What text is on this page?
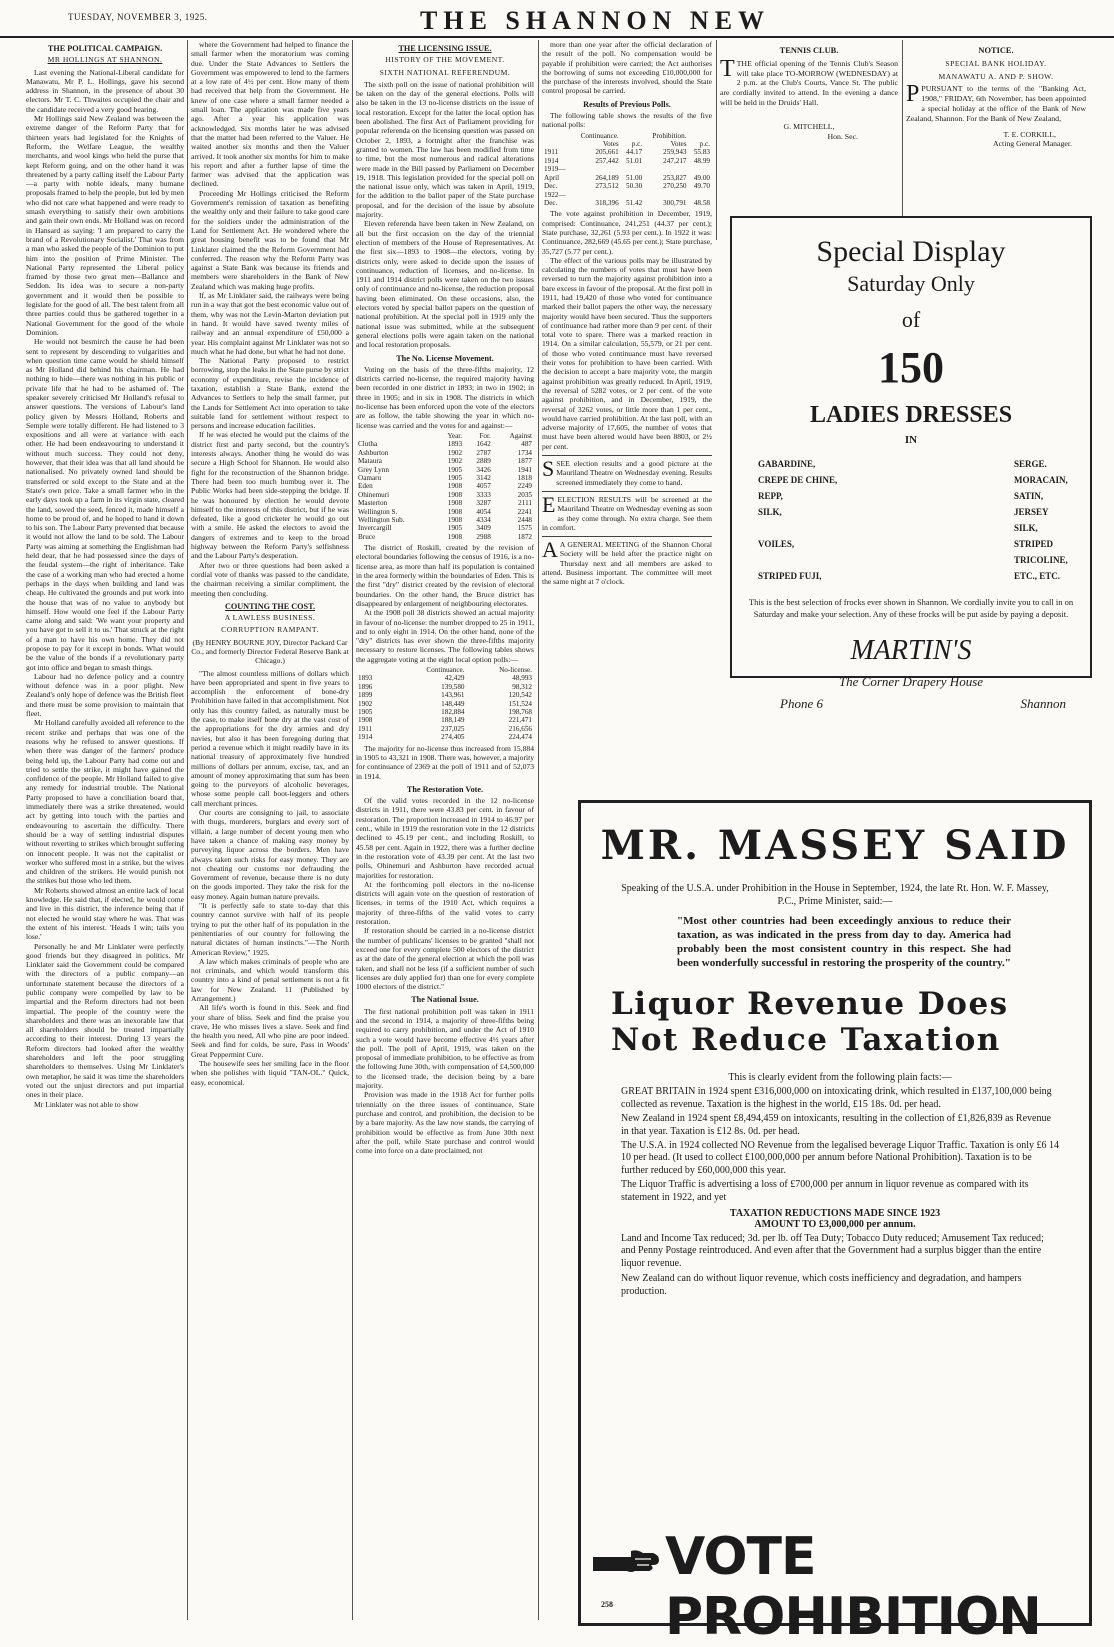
TUESDAY, NOVEMBER 3, 1925.	THE SHANNON NEW
THE POLITICAL CAMPAIGN.
MR HOLLINGS AT SHANNON.

Last evening the National-Liberal candidate for Manawatu, Mr P. L. Hollings, gave his second address in Shannon, in the presence of about 30 electors. Mr T. C. Thwaites occupied the chair and the candidate received a very good hearing.

Mr Hollings said New Zealand was between the extreme danger of the Reform Party that for thirteen years had legislated for the Knights of Reform, the Welfare League, the wealthy merchants, and wool kings who held the purse that kept Reform going, and on the other hand it was threatened by a party calling itself the Labour Party—a party with noble ideals, many humane proposals framed to help the people, but led by men who did not care what happened and were ready to smash everything to satisfy their own ambitions and gain their own ends. Mr Holland was on record in Hansard as saying: 'I am prepared to carry the brand of a Revolutionary Socialist.' That was from a man who asked the people of the Dominion to put him into the position of Prime Minister. The National Party represented the Liberal policy framed by those two great men—Ballance and Seddon. Its idea was to secure a non-party government and it would then be possible to legislate for the good of all. The best talent from all three parties could thus be gathered together in a National Government for the good of the whole Dominion.

He would not besmirch the cause he had been sent to represent by descending to vulgarities and when question time came would he shield himself as Mr Holland did behind his chairman. He had nothing to hide—there was nothing in his public or private life that he had to be ashamed of. The speaker severely criticised Mr Holland's refusal to answer questions. The versions of Labour's land policy given by Messrs Holland, Roberts and Semple were totally different. He had listened to 3 expositions and all were at variance with each other. He had been endeavouring to understand it without much success. They could not deny, however, that their idea was that all land should be nationalised. No privately owned land should be transferred or sold except to the State and at the State's own price. Take a small farmer who in the early days took up a farm in its virgin state, cleared the land, sowed the seed, fenced it, made himself a home to be proud of, and he hoped to hand it down to his son. The Labour Party prevented that because it would not allow the land to be sold. The Labour Party was aiming at something the Englishman had held dear, that he had possessed since the days of the feudal system—the right of inheritance. Take the case of a working man who had erected a home perhaps in the days when building and land was cheap. He cultivated the grounds and put work into the house that was of no value to anybody but himself. How would one feel if the Labour Party came along and said: 'We want your property and you have got to sell it to us.' That struck at the right of a man to have his own home. They did not propose to pay for it except in bonds. What would be the value of the bonds if a revolutionary party got into office and began to smash things.

Labour had no defence policy and a country without defence was in a poor plight. New Zealand's only hope of defence was the British fleet and there must be some provision to maintain that fleet.

Mr Holland carefully avoided all reference to the recent strike and perhaps that was one of the reasons why he refused to answer questions. If when there was danger of the farmers' produce being held up, the Labour Party had come out and tried to settle the strike, it might have gained the confidence of the people. Mr Holland failed to give any remedy for industrial trouble. The National Party proposed to have a conciliation board that, immediately there was a strike threatened, would act by getting into touch with the parties and endeavouring to ascertain the difficulty. There should be a way of settling industrial disputes without reverting to strikes which brought suffering on innocent people. It was not the capitalist or worker who suffered most in a strike, but the wives and children of the strikers. He would punish not the strikes but those who led them.

Mr Roberts showed almost an entire lack of local knowledge. He said that, if elected, he would come and live in this district, the inference being that if not elected he would stay where he was. That was the extent of his interest. 'Heads I win; tails you lose.'

Personally he and Mr Linklater were perfectly good friends but they disagreed in politics. Mr Linklater said the Government could be compared with the directors of a public company—an unfortunate statement because the directors of a public company were compelled by law to be impartial and the Reform directors had not been impartial. The people of the country were the shareholders and there was an inexorable law that all shareholders should be treated impartially according to their interest. During 13 years the Reform directors had looked after the wealthy shareholders and left the poor struggling shareholders to themselves. Using Mr Linklater's own metaphor, he said it was time the shareholders voted out the unjust directors and put impartial ones in their place.

Mr Linklater was not able to show

where the Government had helped to finance the small farmer when the moratorium was coming due. Under the State Advances to Settlers the Government was empowered to lend to the farmers at a low rate of 4½ per cent. How many of them had received that help from the Government. He knew of one case where a small farmer needed a small loan. The application was made five years ago. After a year his application was acknowledged. Six months later he was advised that the matter had been referred to the Valuer. He waited another six months and then the Valuer arrived. It took another six months for him to make his report and after a further lapse of time the farmer was advised that the application was declined.

Proceeding Mr Hollings criticised the Reform Government's remission of taxation as benefiting the wealthy only and their failure to take good care for the soldiers under the administration of the Land for Settlement Act. He wondered where the great housing benefit was to be found that Mr Linklater claimed the the Reform Government had conferred. The reason why the Reform Party was against a State Bank was because its friends and members were shareholders in the Bank of New Zealand which was making huge profits.

If, as Mr Linklater said, the railways were being run in a way that got the best economic value out of them, why was not the Levin-Marton deviation put in hand. It would have saved twenty miles of railway and an annual expenditure of £50,000 a year. His complaint against Mr Linklater was not so much what he had done, but what he had not done.

The National Party proposed to restrict borrowing, stop the leaks in the State purse by strict economy of expenditure, revise the incidence of taxation, establish a State Bank, extend the Advances to Settlers to help the small farmer, put the Lands for Settlement Act into operation to take suitable land for settlement without respect to persons and increase education facilities.

If he was elected he would put the claims of the district first and party second, but the country's interests always. Another thing he would do was secure a High School for Shannon. He would also fight for the reconstruction of the Shannon bridge. There had been too much humbug over it. The Public Works had been side-stepping the bridge. If he was honoured by election he would devote himself to the interests of this district, but if he was defeated, like a good cricketer he would go out with a smile. He asked the electors to avoid the dangers of extremes and to keep to the broad highway between the Reform Party's selfishness and the Labour Party's desperation.

After two or three questions had been asked a cordial vote of thanks was passed to the candidate, the chairman receiving a similar compliment, the meeting then concluding.

COUNTING THE COST.
A LAWLESS BUSINESS.
CORRUPTION RAMPANT.
(By HENRY BOURNE JOY, Director Packard Car Co., and formerly Director Federal Reserve Bank at Chicago.)

"The almost countless millions of dollars which have been appropriated and spent in five years to accomplish the enforcement of bone-dry Prohibition have failed in that accomplishment. Not only has this country failed, as naturally must be the case, to make itself bone dry at the vast cost of the appropriations for the dry armies and dry navies, but also it has been foregoing during that period a revenue which it might readily have in its national treasury of approximately five hundred millions of dollars per annum, excise, tax, and an amount of money approximating that sum has been going to the purveyors of alcoholic beverages, whose some people call boot-leggers and others call merchant princes.

Our courts are consigning to jail, to associate with thugs, murderers, burglars and every sort of villain, a large number of decent young men who have taken a chance of making easy money by purveying liquor across the borders. Men have always taken such risks for easy money. They are not cheating our customs nor defrauding the Government of revenue, because there is no duty on the goods imported. They take the risk for the easy money. Again human nature prevails.

"It is perfectly safe to state to-day that this country cannot survive with half of its people trying to put the other half of its population in the penitentiaries of our country for following the natural dictates of human instincts."—The North American Review," 1925.

A law which makes criminals of people who are not criminals, and which would transform this country into a kind of penal settlement is not a fit law for New Zealand. 11 (Published by Arrangement.)

All life's worth is found in this. Seek and find your share of bliss. Seek and find the praise you crave, He who misses lives a slave. Seek and find the health you need, All who pine are poor indeed. Seek and find for colds, be sure, Pass in Woods' Great Peppermint Cure.

The housewife sees her smiling face in the floor when she polishes with liquid "TAN-OL." Quick, easy, economical.

THE LICENSING ISSUE.
HISTORY OF THE MOVEMENT.
SIXTH NATIONAL REFERENDUM.

The sixth poll on the issue of national prohibition will be taken on the day of the general elections. Polls will also be taken in the 13 no-license districts on the issue of local restoration. Except for the latter the local option has been abolished. The first Act of Parliament providing for popular referenda on the licensing question was passed on October 2, 1893, a fortnight after the franchise was granted to women. The law has been modified from time to time, but the most numerous and radical alterations were made in the Bill passed by Parliament on December 19, 1918. This legislation provided for the special poll on the national issue only, which was taken in April, 1919, for the addition to the ballot paper of the State purchase proposal, and for the decision of the issue by absolute majority.

Eleven referenda have been taken in New Zealand, on all but the first occasion on the day of the triennial election of members of the House of Representatives. At the first six—1893 to 1908—the electors, voting by districts only, were asked to decide upon the issues of continuance, reduction of licenses, and no-license. In 1911 and 1914 district polls were taken on the two issues only of continuance and no-license, the reduction proposal having been eliminated. On these occasions, also, the electors voted by special ballot papers on the question of national prohibition. At the special poll in 1919 only the national issue was submitted, while at the subsequent general elections polls were again taken on the national and local restoration proposals.

The No. License Movement.

Voting on the basis of the three-fifths majority, 12 districts carried no-license, the required majority having been recorded in one district in 1893; in two in 1902; in three in 1905; and in six in 1908. The districts in which no-license has been enforced upon the vote of the electors are as follow, the table showing the year in which no-license was carried and the votes for and against:—

	Year.	For.	Against
Clutha	1893	1642	487
Ashburton	1902	2787	1734
Mataura	1902	2889	1877
Grey Lynn	1905	3426	1941
Oamaru	1905	3142	1818
Eden	1908	4057	2249
Ohinemuri	1908	3333	2035
Masterton	1908	3287	2111
Wellington S.	1908	4054	2241
Wellington Sub.	1908	4334	2448
Invercargill	1905	3409	1575
Bruce	1908	2988	1872

The district of Roskill, created by the revision of electoral boundaries following the census of 1916, is a no-license area, as more than half its population is contained in the area formerly within the boundaries of Eden. This is the first "dry" district created by the revision of electoral boundaries. On the other hand, the Bruce district has disappeared by enlargement of neighbouring electorates.

At the 1908 poll 38 districts showed an actual majority in favour of no-license: the number dropped to 25 in 1911, and to only eight in 1914. On the other hand, none of the "dry" districts has ever shown the three-fifths majority necessary to restore licenses. The following tables shows the aggregate voting at the eight local option polls:—

	Continuance.	No-license.
1893	42,429	48,993
1896	139,580	98,312
1899	143,961	120,542
1902	148,449	151,524
1905	182,884	198,768
1908	188,149	221,471
1911	237,025	216,656
1914	274,405	224,474

The majority for no-license thus increased from 15,884 in 1905 to 43,321 in 1908. There was, however, a majority for continuance of 2369 at the poll of 1911 and of 52,073 in 1914.

The Restoration Vote.

Of the valid votes recorded in the 12 no-license districts in 1911, there were 43.83 per cent. in favour of restoration. The proportion increased in 1914 to 46.97 per cent., while in 1919 the restoration vote in the 12 districts declined to 45.19 per cent., and including Roskill, to 45.58 per cent. Again in 1922, there was a further decline in the restoration vote of 43.39 per cent. At the last two polls, Ohinemuri and Ashburton have recorded actual majorities for restoration.

At the forthcoming poll electors in the no-license districts will again vote on the question of restoration of licenses, in terms of the 1910 Act, which requires a majority of three-fifths of the valid votes to carry restoration.

If restoration should be carried in a no-license district the number of publicans' licenses to be granted "shall not exceed one for every complete 500 electors of the district as at the date of the general election at which the poll was taken, and shall not be less (if a sufficient number of such licenses are duly applied for) than one for every complete 1000 electors of the district."

The National Issue.

The first national prohibition poll was taken in 1911 and the second in 1914, a majority of three-fifths being required to carry prohibition, and under the Act of 1910 such a vote would have become effective 4½ years after the poll. The poll of April, 1919, was taken on the proposal of immediate prohibition, to be effective as from the following June 30th, with compensation of £4,500,000 to the licensed trade, the decision being by a bare majority.

Provision was made in the 1918 Act for further polls triennially on the three issues of continuance, State purchase and control, and prohibition, the decision to be by a bare majority. As the law now stands, the carrying of prohibition would be effective as from June 30th next after the poll, while State purchase and control would come into force on a date proclaimed, not

more than one year after the official declaration of the result of the poll. No compensation would be payable if prohibition were carried; the Act authorises the borrowing of sums not exceeding £10,000,000 for the purchase of the interests involved, should the State control proposal be carried.

Results of Previous Polls.

The following table shows the results of the five national polls:

	Continuance.		Prohibition.	
	Votes	p.c.	Votes	p.c.
1911	205,661	44.17	259,943	55.83
1914	257,442	51.01	247,217	48.99
1919—				
April	264,189	51.00	253,827	49.00
Dec.	273,512	50.30	270,250	49.70
1922—				
Dec.	318,396	51.42	300,791	48.58

The vote against prohibition in December, 1919, comprised: Continuance, 241,251 (44.37 per cent.); State purchase, 32,261 (5.93 per cent.). In 1922 it was: Continuance, 282,669 (45.65 per cent.); State purchase, 35,727 (5.77 per cent.).

The effect of the various polls may be illustrated by calculating the numbers of votes that must have been reversed to turn the majority against prohibition into a bare excess in favour of the proposal. At the first poll in 1911, had 19,420 of those who voted for continuance marked their ballot papers the other way, the necessary majority would have been secured. Thus the supporters of continuance had rather more than 9 per cent. of their total vote to spare. There was a marked reaction in 1914. On a similar calculation, 55,579, or 21 per cent. of those who voted continuance must have reversed their votes for prohibition to have been carried. With the decision to accept a bare majority vote, the margin against prohibition was greatly reduced. In April, 1919, the reversal of 5282 votes, or 2 per cent. of the vote against prohibition, and in December, 1919, the reversal of 3262 votes, or little more than 1 per cent., would have carried prohibition. At the last poll, with an adverse majority of 17,605, the number of votes that must have been altered would have been 8803, or 2½ per cent.

SSEE election results and a good picture at the Mauriland Theatre on Wednesday evening. Results screened immediately they come to hand.

EELECTION RESULTS will be screened at the Mauriland Theatre on Wednesday evening as soon as they come through. No extra charge. See them in comfort.

A A GENERAL MEETING of the Shannon Choral Society will be held after the practice night on Thursday next and all members are asked to attend. Business important. The committee will meet the same night at 7 o'clock.

TENNIS CLUB.

TTHE official opening of the Tennis Club's Season will take place TO-MORROW (WEDNESDAY) at 2 p.m. at the Club's Courts, Vance St. The public are cordially invited to attend. In the evening a dance will be held in the Druids' Hall.

G. MITCHELL,
Hon. Sec.
NOTICE.
SPECIAL BANK HOLIDAY.
MANAWATU A. AND P. SHOW.

PPURSUANT to the terms of the "Banking Act, 1908," FRIDAY, 6th November, has been appointed a special holiday at the office of the Bank of New Zealand, Shannon. For the Bank of New Zealand,

T. E. CORKILL,
Acting General Manager.
Special Display
Saturday Only
of
150
LADIES DRESSES
IN
GABARDINE,	SERGE.
CREPE DE CHINE,	MORACAIN,
REPP,	SATIN,
SILK,	JERSEY SILK,
VOILES,	STRIPED TRICOLINE,
STRIPED FUJI,	ETC., ETC.
This is the best selection of frocks ever shown in Shannon. We cordially invite you to call in on Saturday and make your selection. Any of these frocks will be put aside by paying a deposit.
MARTIN'S
The Corner Drapery House
Phone 6	Shannon
MR. MASSEY SAID
Speaking of the U.S.A. under Prohibition in the House in September, 1924, the late Rt. Hon. W. F. Massey, P.C., Prime Minister, said:—
"Most other countries had been exceedingly anxious to reduce their taxation, as was indicated in the press from day to day. America had probably been the most consistent country in this respect. She had been wonderfully successful in restoring the prosperity of the country."
Liquor Revenue Does
Not Reduce Taxation

This is clearly evident from the following plain facts:—

GREAT BRITAIN in 1924 spent £316,000,000 on intoxicating drink, which resulted in £137,100,000 being collected as revenue. Taxation is the highest in the world, £15 18s. 0d. per head.

New Zealand in 1924 spent £8,494,459 on intoxicants, resulting in the collection of £1,826,839 as Revenue in that year. Taxation is £12 8s. 0d. per head.

The U.S.A. in 1924 collected NO Revenue from the legalised beverage Liquor Traffic. Taxation is only £6 14 10 per head. (It used to collect £100,000,000 per annum before National Prohibition). Taxation is to be further reduced by £60,000,000 this year.

The Liquor Traffic is advertising a loss of £700,000 per annum in liquor revenue as compared with its statement in 1922, and yet

TAXATION REDUCTIONS MADE SINCE 1923
AMOUNT TO £3,000,000 per annum.
Land and Income Tax reduced; 3d. per lb. off Tea Duty; Tobacco Duty reduced; Amusement Tax reduced; and Penny Postage reintroduced. And even after that the Government had a surplus bigger than the entire liquor revenue.
New Zealand can do without liquor revenue, which costs inefficiency and degradation, and hampers production.
VOTE PROHIBITION
258
